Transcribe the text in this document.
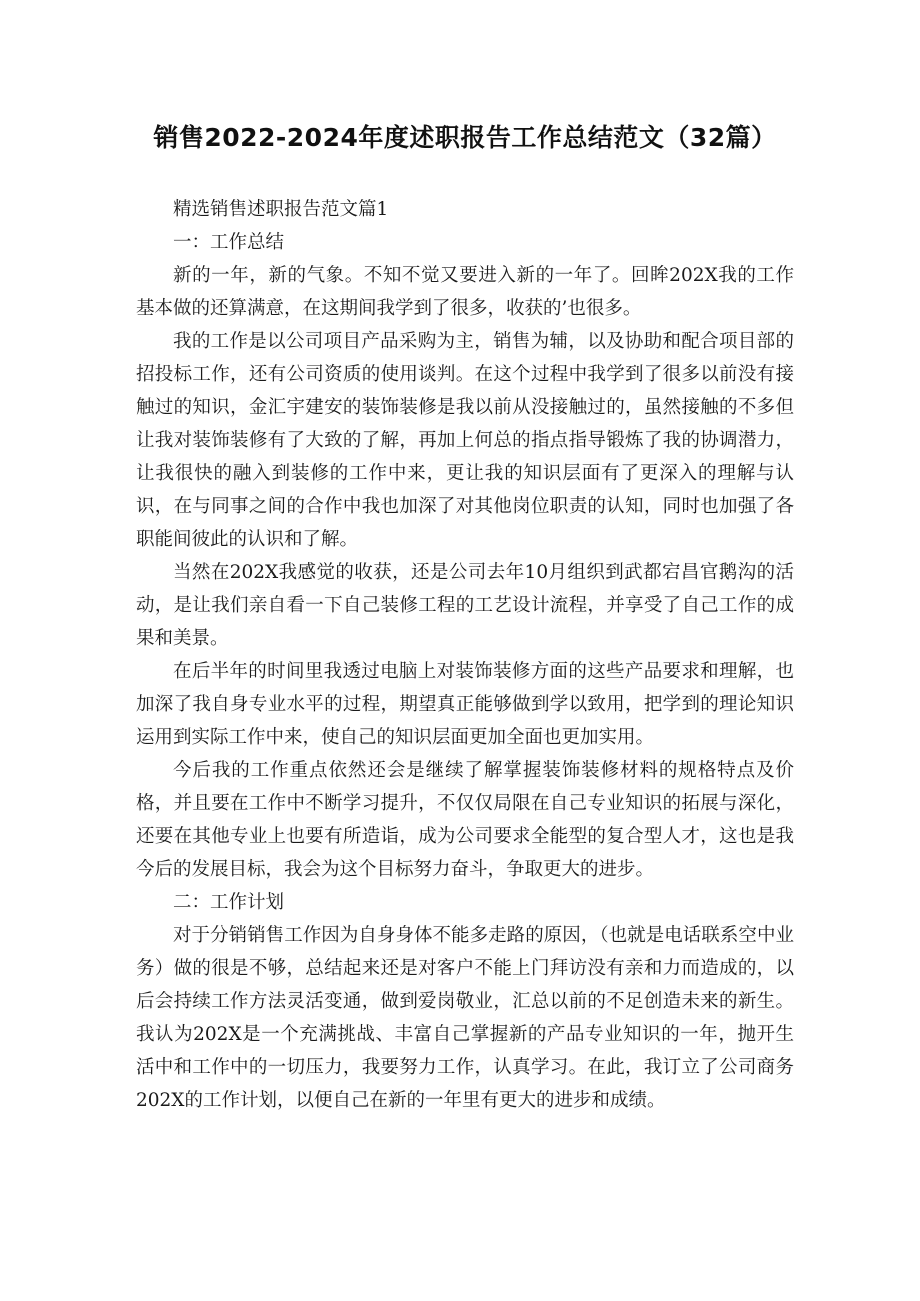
销售2022-2024年度述职报告工作总结范文（32篇）

精选销售述职报告范文篇1

一：工作总结

新的一年，新的气象。不知不觉又要进入新的一年了。回眸202X我的工作基本做的还算满意，在这期间我学到了很多，收获的’也很多。

我的工作是以公司项目产品采购为主，销售为辅，以及协助和配合项目部的招投标工作，还有公司资质的使用谈判。在这个过程中我学到了很多以前没有接触过的知识，金汇宇建安的装饰装修是我以前从没接触过的，虽然接触的不多但让我对装饰装修有了大致的了解，再加上何总的指点指导锻炼了我的协调潜力，让我很快的融入到装修的工作中来，更让我的知识层面有了更深入的理解与认识，在与同事之间的合作中我也加深了对其他岗位职责的认知，同时也加强了各职能间彼此的认识和了解。

当然在202X我感觉的收获，还是公司去年10月组织到武都宕昌官鹅沟的活动，是让我们亲自看一下自己装修工程的工艺设计流程，并享受了自己工作的成果和美景。

在后半年的时间里我透过电脑上对装饰装修方面的这些产品要求和理解，也加深了我自身专业水平的过程，期望真正能够做到学以致用，把学到的理论知识运用到实际工作中来，使自己的知识层面更加全面也更加实用。

今后我的工作重点依然还会是继续了解掌握装饰装修材料的规格特点及价格，并且要在工作中不断学习提升，不仅仅局限在自己专业知识的拓展与深化，还要在其他专业上也要有所造诣，成为公司要求全能型的复合型人才，这也是我今后的发展目标，我会为这个目标努力奋斗，争取更大的进步。

二：工作计划

对于分销销售工作因为自身身体不能多走路的原因，（也就是电话联系空中业务）做的很是不够，总结起来还是对客户不能上门拜访没有亲和力而造成的，以后会持续工作方法灵活变通，做到爱岗敬业，汇总以前的不足创造未来的新生。我认为202X是一个充满挑战、丰富自己掌握新的产品专业知识的一年，抛开生活中和工作中的一切压力，我要努力工作，认真学习。在此，我订立了公司商务202X的工作计划，以便自己在新的一年里有更大的进步和成绩。
